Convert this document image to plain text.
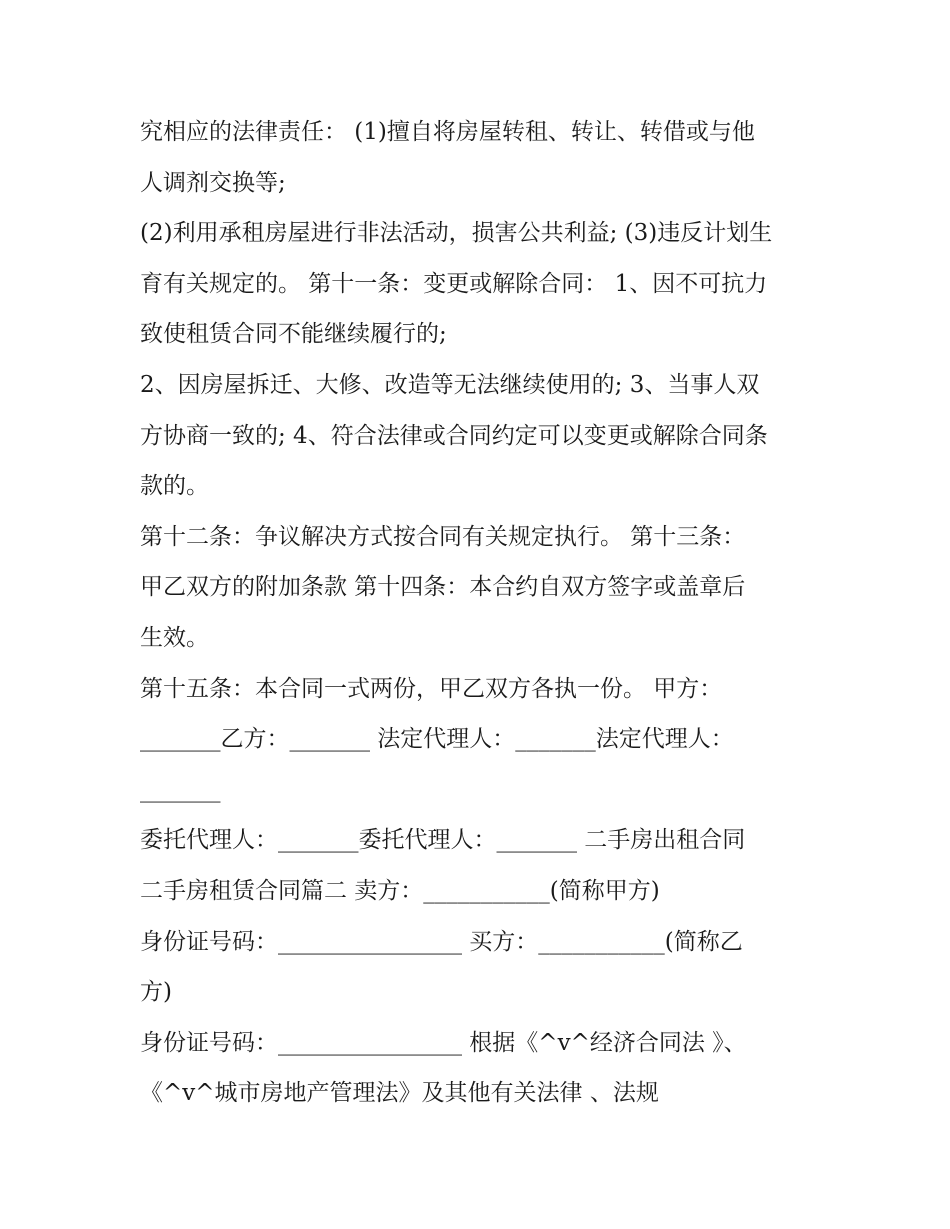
究相应的法律责任： (1)擅自将房屋转租、转让、转借或与他
人调剂交换等;
(2)利用承租房屋进行非法活动，损害公共利益; (3)违反计划生
育有关规定的。 第十一条：变更或解除合同： 1、因不可抗力
致使租赁合同不能继续履行的;
2、因房屋拆迁、大修、改造等无法继续使用的; 3、当事人双
方协商一致的; 4、符合法律或合同约定可以变更或解除合同条
款的。
第十二条：争议解决方式按合同有关规定执行。 第十三条：
甲乙双方的附加条款 第十四条：本合约自双方签字或盖章后
生效。
第十五条：本合同一式两份，甲乙双方各执一份。 甲方：
_______乙方：_______ 法定代理人：_______法定代理人：
_______
委托代理人：_______委托代理人：_______ 二手房出租合同
二手房租赁合同篇二 卖方：___________(简称甲方)
身份证号码：________________ 买方：___________(简称乙
方)
身份证号码：________________ 根据《^v^经济合同法 》、
《^v^城市房地产管理法》及其他有关法律 、法规
